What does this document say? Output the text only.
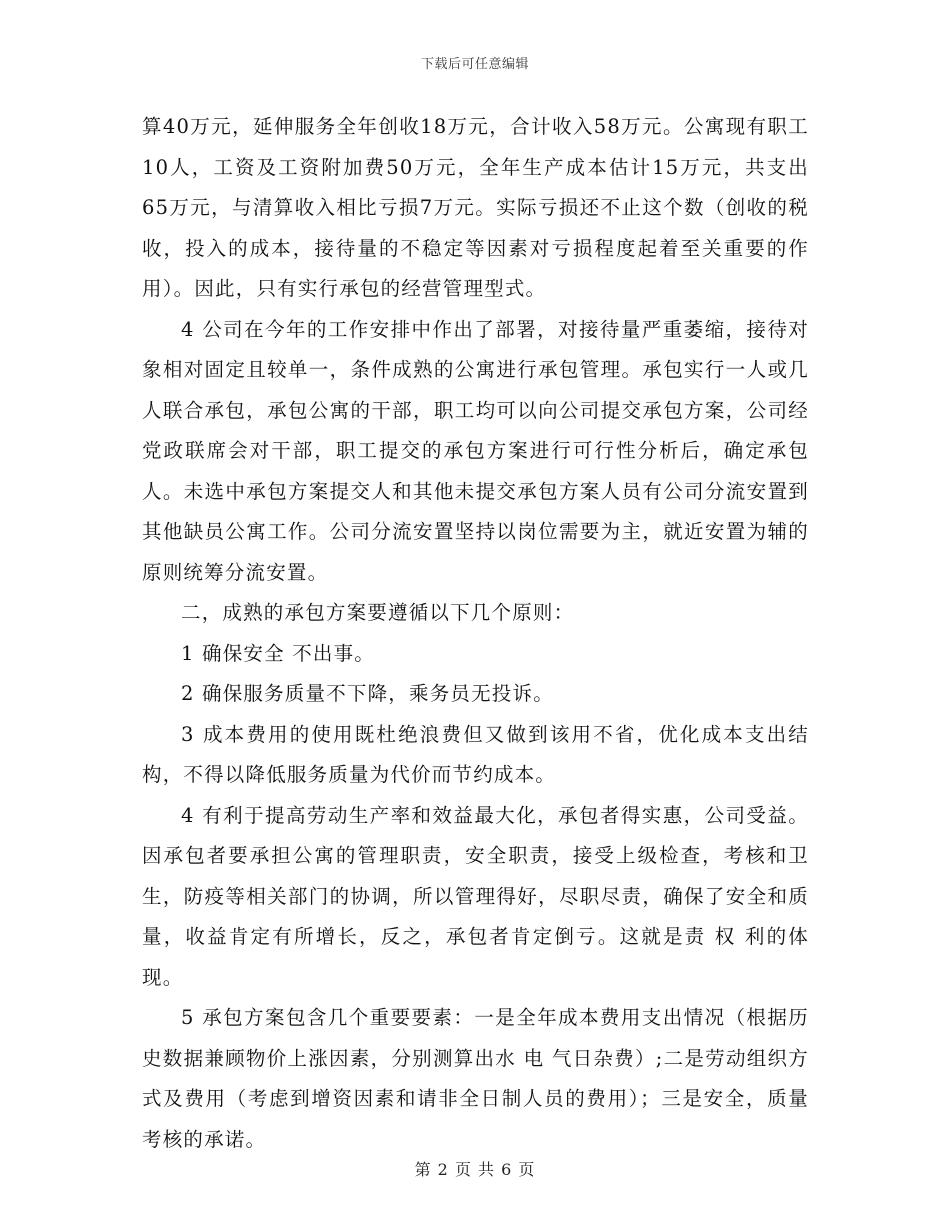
下载后可任意编辑

算40万元，延伸服务全年创收18万元，合计收入58万元。公寓现有职工10人，工资及工资附加费50万元，全年生产成本估计15万元，共支出65万元，与清算收入相比亏损7万元。实际亏损还不止这个数（创收的税收，投入的成本，接待量的不稳定等因素对亏损程度起着至关重要的作用）。因此，只有实行承包的经营管理型式。

4 公司在今年的工作安排中作出了部署，对接待量严重萎缩，接待对象相对固定且较单一，条件成熟的公寓进行承包管理。承包实行一人或几人联合承包，承包公寓的干部，职工均可以向公司提交承包方案，公司经党政联席会对干部，职工提交的承包方案进行可行性分析后，确定承包人。未选中承包方案提交人和其他未提交承包方案人员有公司分流安置到其他缺员公寓工作。公司分流安置坚持以岗位需要为主，就近安置为辅的原则统筹分流安置。

二，成熟的承包方案要遵循以下几个原则：

1 确保安全 不出事。

2 确保服务质量不下降，乘务员无投诉。

3 成本费用的使用既杜绝浪费但又做到该用不省，优化成本支出结构，不得以降低服务质量为代价而节约成本。

4 有利于提高劳动生产率和效益最大化，承包者得实惠，公司受益。因承包者要承担公寓的管理职责，安全职责，接受上级检查，考核和卫生，防疫等相关部门的协调，所以管理得好，尽职尽责，确保了安全和质量，收益肯定有所增长，反之，承包者肯定倒亏。这就是责 权 利的体现。

5 承包方案包含几个重要要素：一是全年成本费用支出情况（根据历史数据兼顾物价上涨因素，分别测算出水 电 气日杂费）;二是劳动组织方式及费用（考虑到增资因素和请非全日制人员的费用）；三是安全，质量考核的承诺。

第 2 页 共 6 页
